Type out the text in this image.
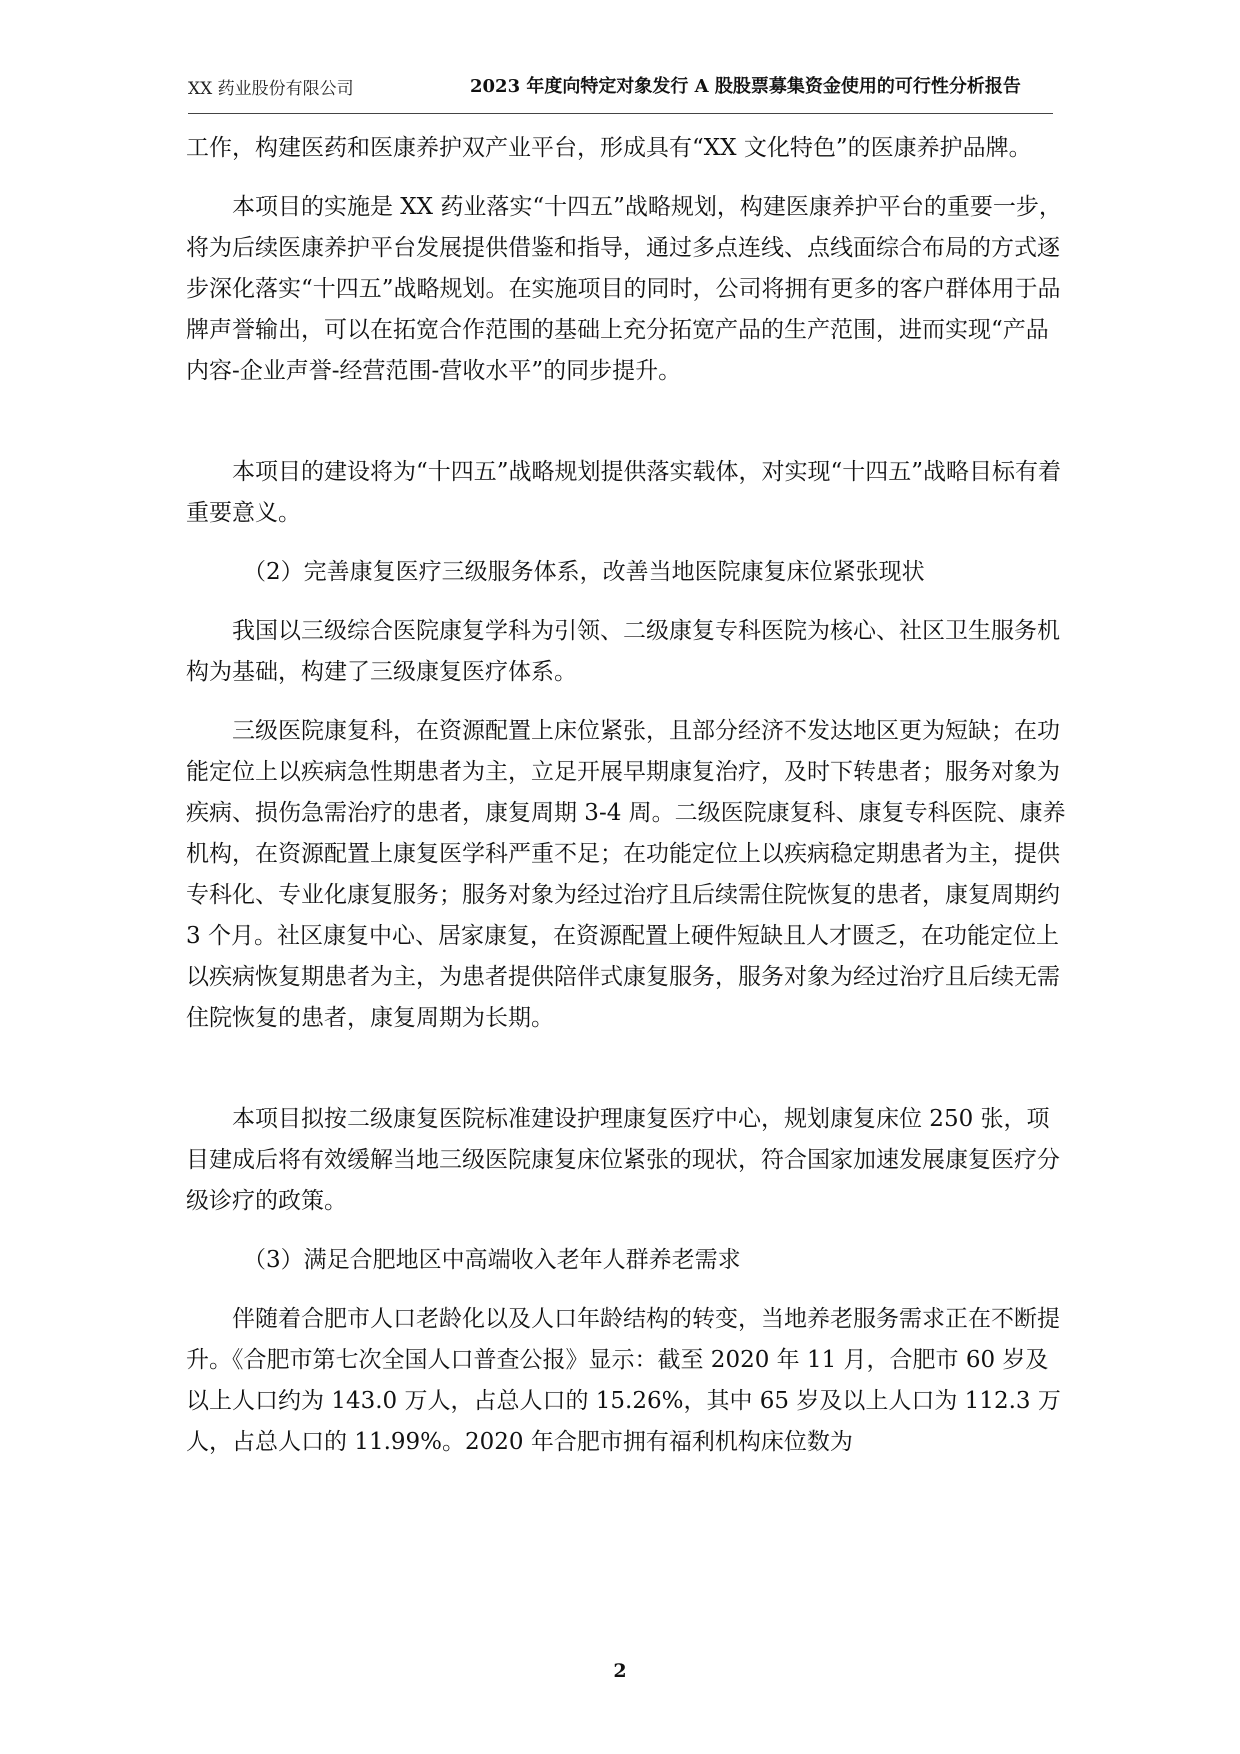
XX 药业股份有限公司	2023 年度向特定对象发行 A 股股票募集资金使用的可行性分析报告

工作，构建医药和医康养护双产业平台，形成具有“XX 文化特色”的医康养护品牌。

本项目的实施是 XX 药业落实“十四五”战略规划，构建医康养护平台的重要一步，将为后续医康养护平台发展提供借鉴和指导，通过多点连线、点线面综合布局的方式逐步深化落实“十四五”战略规划。在实施项目的同时，公司将拥有更多的客户群体用于品牌声誉输出，可以在拓宽合作范围的基础上充分拓宽产品的生产范围，进而实现“产品内容-企业声誉-经营范围-营收水平”的同步提升。

本项目的建设将为“十四五”战略规划提供落实载体，对实现“十四五”战略目标有着重要意义。

（2）完善康复医疗三级服务体系，改善当地医院康复床位紧张现状

我国以三级综合医院康复学科为引领、二级康复专科医院为核心、社区卫生服务机构为基础，构建了三级康复医疗体系。

三级医院康复科，在资源配置上床位紧张，且部分经济不发达地区更为短缺；在功能定位上以疾病急性期患者为主，立足开展早期康复治疗，及时下转患者；服务对象为疾病、损伤急需治疗的患者，康复周期 3-4 周。二级医院康复科、康复专科医院、康养机构，在资源配置上康复医学科严重不足；在功能定位上以疾病稳定期患者为主，提供专科化、专业化康复服务；服务对象为经过治疗且后续需住院恢复的患者，康复周期约 3 个月。社区康复中心、居家康复，在资源配置上硬件短缺且人才匮乏，在功能定位上以疾病恢复期患者为主，为患者提供陪伴式康复服务，服务对象为经过治疗且后续无需住院恢复的患者，康复周期为长期。

本项目拟按二级康复医院标准建设护理康复医疗中心，规划康复床位 250 张，项目建成后将有效缓解当地三级医院康复床位紧张的现状，符合国家加速发展康复医疗分级诊疗的政策。

（3）满足合肥地区中高端收入老年人群养老需求

伴随着合肥市人口老龄化以及人口年龄结构的转变，当地养老服务需求正在不断提升。《合肥市第七次全国人口普查公报》显示：截至 2020 年 11 月，合肥市 60 岁及以上人口约为 143.0 万人，占总人口的 15.26%，其中 65 岁及以上人口为 112.3 万人，占总人口的 11.99%。2020 年合肥市拥有福利机构床位数为

2
